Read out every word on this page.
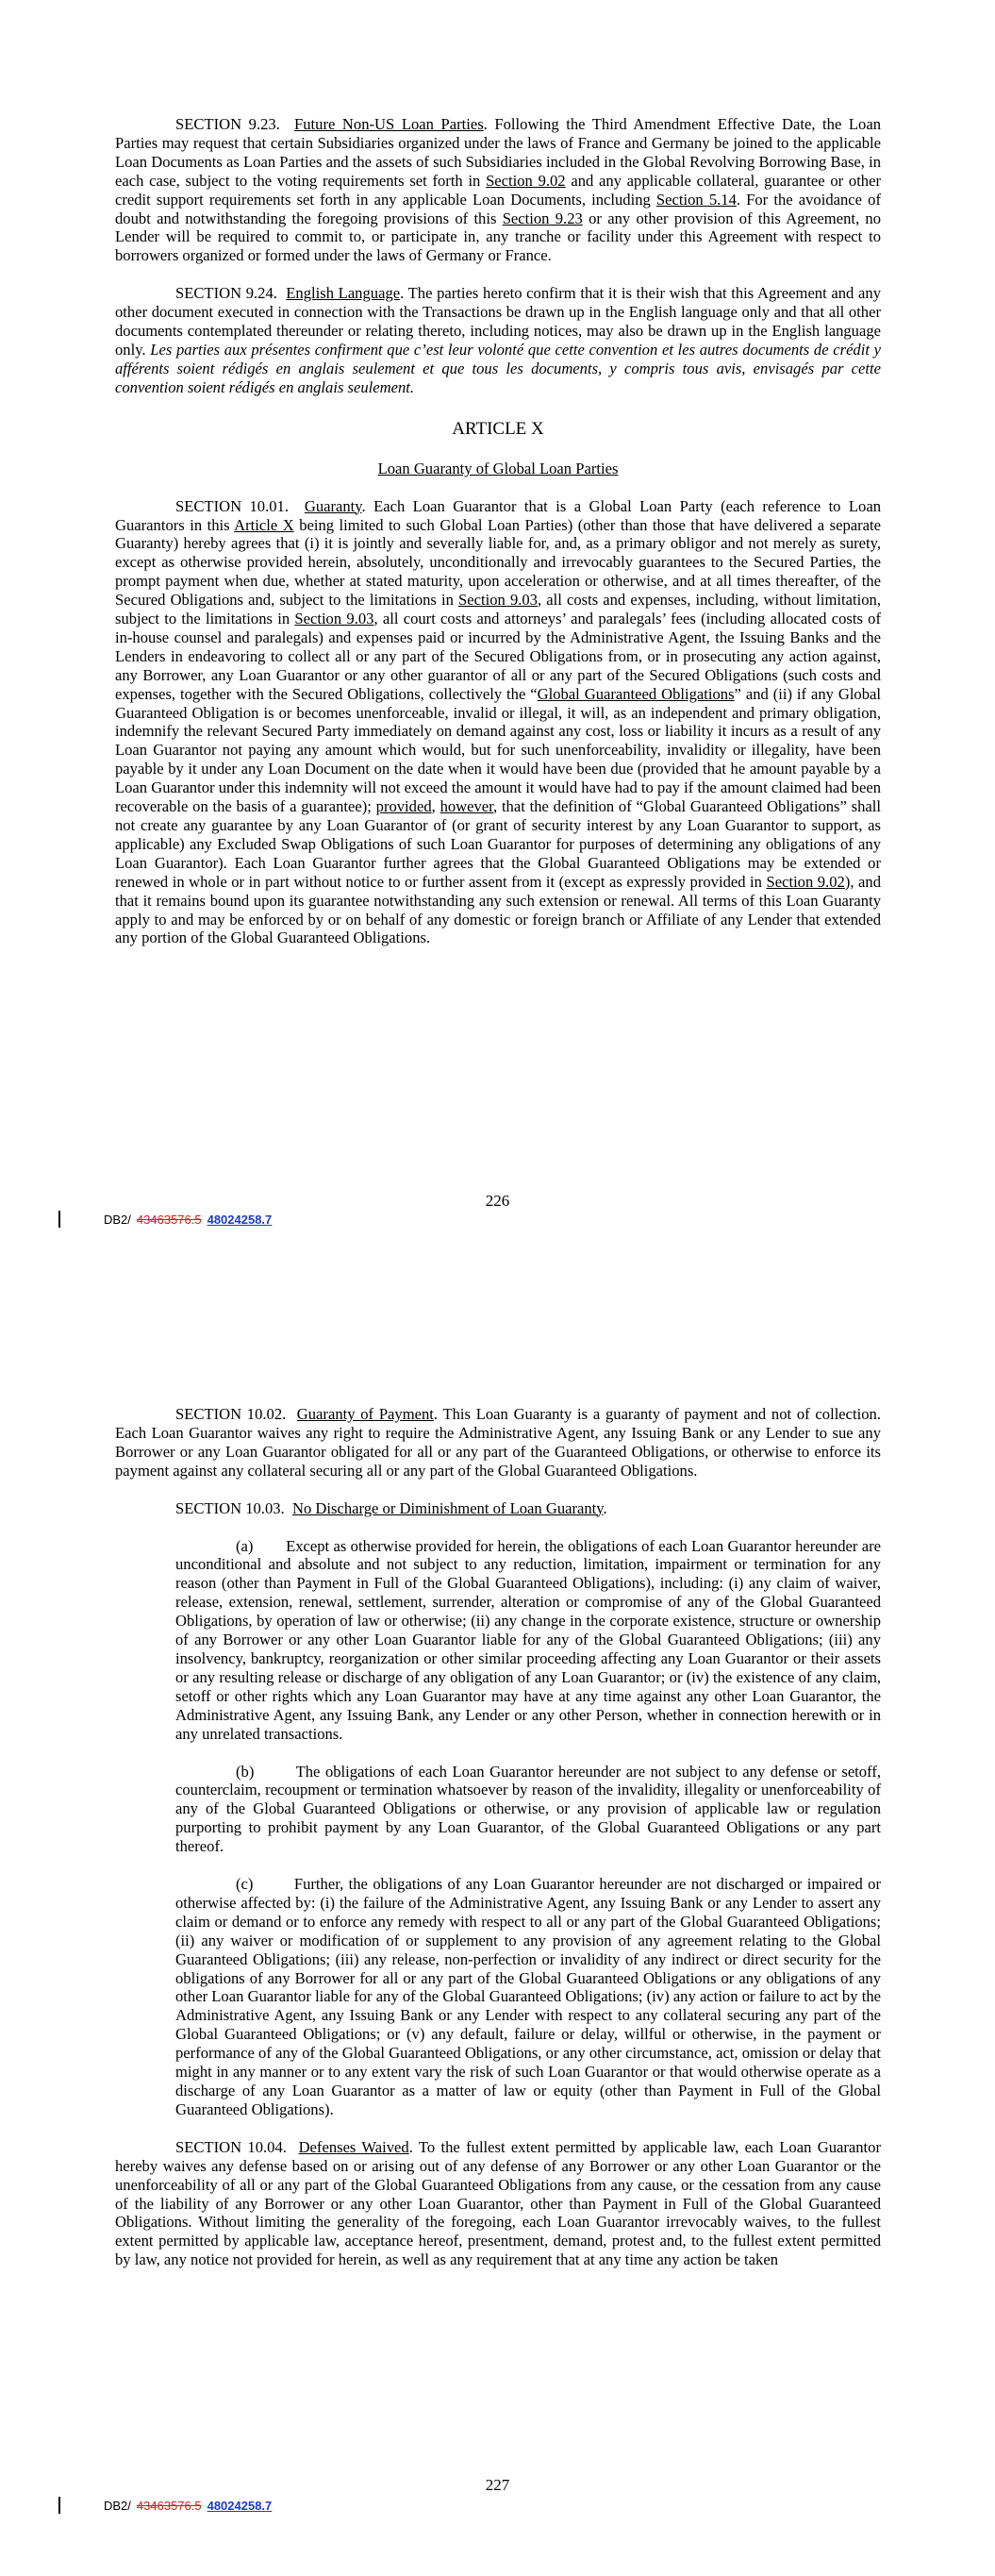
SECTION 9.23. Future Non-US Loan Parties. Following the Third Amendment Effective Date, the Loan Parties may request that certain Subsidiaries organized under the laws of France and Germany be joined to the applicable Loan Documents as Loan Parties and the assets of such Subsidiaries included in the Global Revolving Borrowing Base, in each case, subject to the voting requirements set forth in Section 9.02 and any applicable collateral, guarantee or other credit support requirements set forth in any applicable Loan Documents, including Section 5.14. For the avoidance of doubt and notwithstanding the foregoing provisions of this Section 9.23 or any other provision of this Agreement, no Lender will be required to commit to, or participate in, any tranche or facility under this Agreement with respect to borrowers organized or formed under the laws of Germany or France.

SECTION 9.24. English Language. The parties hereto confirm that it is their wish that this Agreement and any other document executed in connection with the Transactions be drawn up in the English language only and that all other documents contemplated thereunder or relating thereto, including notices, may also be drawn up in the English language only. Les parties aux présentes confirment que c’est leur volonté que cette convention et les autres documents de crédit y afférents soient rédigés en anglais seulement et que tous les documents, y compris tous avis, envisagés par cette convention soient rédigés en anglais seulement.

ARTICLE X

Loan Guaranty of Global Loan Parties

SECTION 10.01. Guaranty. Each Loan Guarantor that is a Global Loan Party (each reference to Loan Guarantors in this Article X being limited to such Global Loan Parties) (other than those that have delivered a separate Guaranty) hereby agrees that (i) it is jointly and severally liable for, and, as a primary obligor and not merely as surety, except as otherwise provided herein, absolutely, unconditionally and irrevocably guarantees to the Secured Parties, the prompt payment when due, whether at stated maturity, upon acceleration or otherwise, and at all times thereafter, of the Secured Obligations and, subject to the limitations in Section 9.03, all costs and expenses, including, without limitation, subject to the limitations in Section 9.03, all court costs and attorneys’ and paralegals’ fees (including allocated costs of in-house counsel and paralegals) and expenses paid or incurred by the Administrative Agent, the Issuing Banks and the Lenders in endeavoring to collect all or any part of the Secured Obligations from, or in prosecuting any action against, any Borrower, any Loan Guarantor or any other guarantor of all or any part of the Secured Obligations (such costs and expenses, together with the Secured Obligations, collectively the “Global Guaranteed Obligations” and (ii) if any Global Guaranteed Obligation is or becomes unenforceable, invalid or illegal, it will, as an independent and primary obligation, indemnify the relevant Secured Party immediately on demand against any cost, loss or liability it incurs as a result of any Loan Guarantor not paying any amount which would, but for such unenforceability, invalidity or illegality, have been payable by it under any Loan Document on the date when it would have been due (provided that he amount payable by a Loan Guarantor under this indemnity will not exceed the amount it would have had to pay if the amount claimed had been recoverable on the basis of a guarantee); provided, however, that the definition of “Global Guaranteed Obligations” shall not create any guarantee by any Loan Guarantor of (or grant of security interest by any Loan Guarantor to support, as applicable) any Excluded Swap Obligations of such Loan Guarantor for purposes of determining any obligations of any Loan Guarantor). Each Loan Guarantor further agrees that the Global Guaranteed Obligations may be extended or renewed in whole or in part without notice to or further assent from it (except as expressly provided in Section 9.02), and that it remains bound upon its guarantee notwithstanding any such extension or renewal. All terms of this Loan Guaranty apply to and may be enforced by or on behalf of any domestic or foreign branch or Affiliate of any Lender that extended any portion of the Global Guaranteed Obligations.

226
DB2/ 43463576.5 48024258.7

SECTION 10.02. Guaranty of Payment. This Loan Guaranty is a guaranty of payment and not of collection. Each Loan Guarantor waives any right to require the Administrative Agent, any Issuing Bank or any Lender to sue any Borrower or any Loan Guarantor obligated for all or any part of the Guaranteed Obligations, or otherwise to enforce its payment against any collateral securing all or any part of the Global Guaranteed Obligations.

SECTION 10.03. No Discharge or Diminishment of Loan Guaranty.

(a)        Except as otherwise provided for herein, the obligations of each Loan Guarantor hereunder are unconditional and absolute and not subject to any reduction, limitation, impairment or termination for any reason (other than Payment in Full of the Global Guaranteed Obligations), including: (i) any claim of waiver, release, extension, renewal, settlement, surrender, alteration or compromise of any of the Global Guaranteed Obligations, by operation of law or otherwise; (ii) any change in the corporate existence, structure or ownership of any Borrower or any other Loan Guarantor liable for any of the Global Guaranteed Obligations; (iii) any insolvency, bankruptcy, reorganization or other similar proceeding affecting any Loan Guarantor or their assets or any resulting release or discharge of any obligation of any Loan Guarantor; or (iv) the existence of any claim, setoff or other rights which any Loan Guarantor may have at any time against any other Loan Guarantor, the Administrative Agent, any Issuing Bank, any Lender or any other Person, whether in connection herewith or in any unrelated transactions.

(b)        The obligations of each Loan Guarantor hereunder are not subject to any defense or setoff, counterclaim, recoupment or termination whatsoever by reason of the invalidity, illegality or unenforceability of any of the Global Guaranteed Obligations or otherwise, or any provision of applicable law or regulation purporting to prohibit payment by any Loan Guarantor, of the Global Guaranteed Obligations or any part thereof.

(c)        Further, the obligations of any Loan Guarantor hereunder are not discharged or impaired or otherwise affected by: (i) the failure of the Administrative Agent, any Issuing Bank or any Lender to assert any claim or demand or to enforce any remedy with respect to all or any part of the Global Guaranteed Obligations; (ii) any waiver or modification of or supplement to any provision of any agreement relating to the Global Guaranteed Obligations; (iii) any release, non-perfection or invalidity of any indirect or direct security for the obligations of any Borrower for all or any part of the Global Guaranteed Obligations or any obligations of any other Loan Guarantor liable for any of the Global Guaranteed Obligations; (iv) any action or failure to act by the Administrative Agent, any Issuing Bank or any Lender with respect to any collateral securing any part of the Global Guaranteed Obligations; or (v) any default, failure or delay, willful or otherwise, in the payment or performance of any of the Global Guaranteed Obligations, or any other circumstance, act, omission or delay that might in any manner or to any extent vary the risk of such Loan Guarantor or that would otherwise operate as a discharge of any Loan Guarantor as a matter of law or equity (other than Payment in Full of the Global Guaranteed Obligations).

SECTION 10.04. Defenses Waived. To the fullest extent permitted by applicable law, each Loan Guarantor hereby waives any defense based on or arising out of any defense of any Borrower or any other Loan Guarantor or the unenforceability of all or any part of the Global Guaranteed Obligations from any cause, or the cessation from any cause of the liability of any Borrower or any other Loan Guarantor, other than Payment in Full of the Global Guaranteed Obligations. Without limiting the generality of the foregoing, each Loan Guarantor irrevocably waives, to the fullest extent permitted by applicable law, acceptance hereof, presentment, demand, protest and, to the fullest extent permitted by law, any notice not provided for herein, as well as any requirement that at any time any action be taken

227
DB2/ 43463576.5 48024258.7
